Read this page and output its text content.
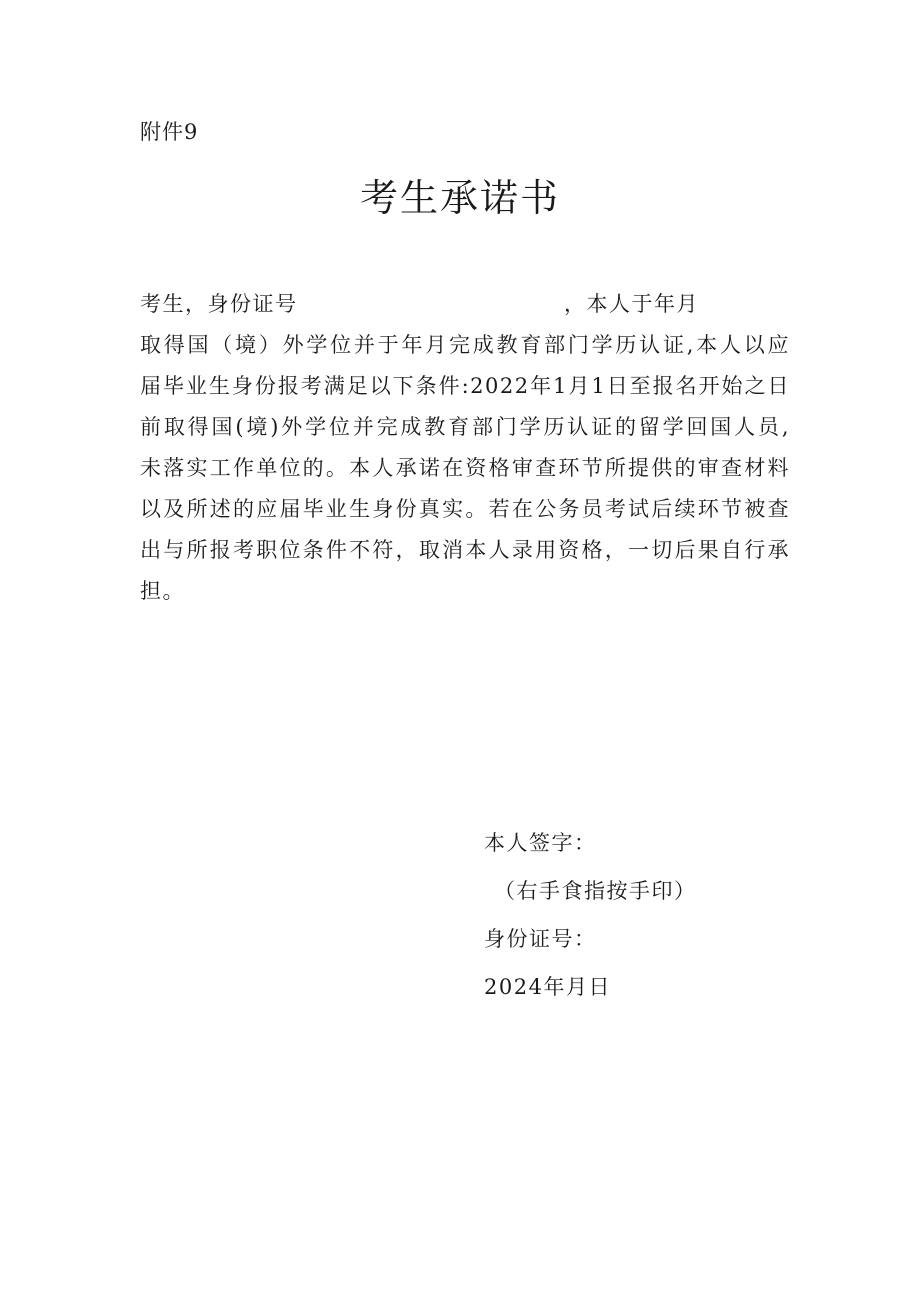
附件9
考生承诺书
考生，身份证号	，本人于年月
取得国（境）外学位并于年月完成教育部门学历认证,本人以应
届毕业生身份报考满足以下条件:2022年1月1日至报名开始之日
前取得国(境)外学位并完成教育部门学历认证的留学回国人员,
未落实工作单位的。本人承诺在资格审查环节所提供的审查材料
以及所述的应届毕业生身份真实。若在公务员考试后续环节被查
出与所报考职位条件不符，取消本人录用资格，一切后果自行承
担。
本人签字：
（右手食指按手印）
身份证号：
2024年月日
